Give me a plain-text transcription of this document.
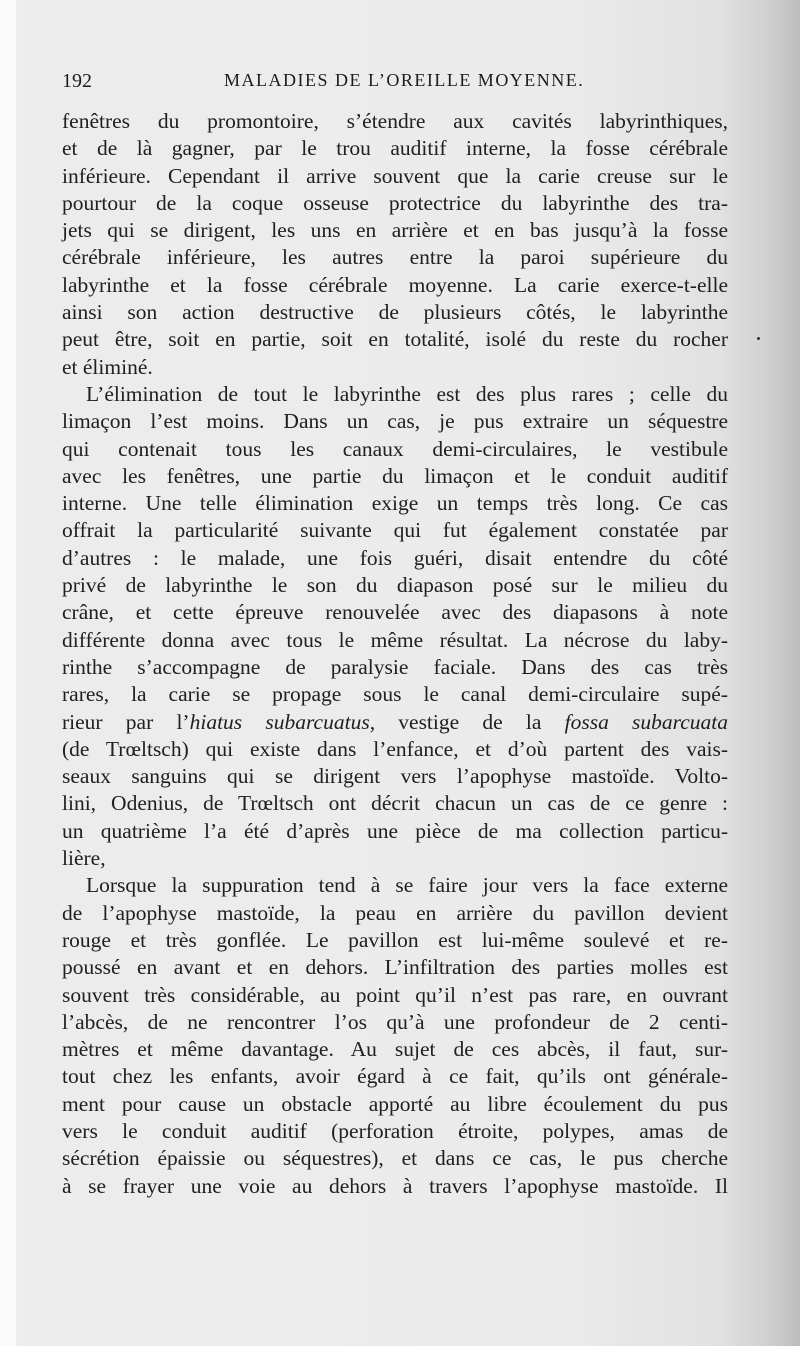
192	MALADIES DE L’OREILLE MOYENNE.
fenêtres du promontoire, s’étendre aux cavités labyrinthiques,
et de là gagner, par le trou auditif interne, la fosse cérébrale
inférieure. Cependant il arrive souvent que la carie creuse sur le
pourtour de la coque osseuse protectrice du labyrinthe des tra-
jets qui se dirigent, les uns en arrière et en bas jusqu’à la fosse
cérébrale inférieure, les autres entre la paroi supérieure du
labyrinthe et la fosse cérébrale moyenne. La carie exerce-t-elle
ainsi son action destructive de plusieurs côtés, le labyrinthe
peut être, soit en partie, soit en totalité, isolé du reste du rocher
et éliminé.
L’élimination de tout le labyrinthe est des plus rares ; celle du
limaçon l’est moins. Dans un cas, je pus extraire un séquestre
qui contenait tous les canaux demi-circulaires, le vestibule
avec les fenêtres, une partie du limaçon et le conduit auditif
interne. Une telle élimination exige un temps très long. Ce cas
offrait la particularité suivante qui fut également constatée par
d’autres : le malade, une fois guéri, disait entendre du côté
privé de labyrinthe le son du diapason posé sur le milieu du
crâne, et cette épreuve renouvelée avec des diapasons à note
différente donna avec tous le même résultat. La nécrose du laby-
rinthe s’accompagne de paralysie faciale. Dans des cas très
rares, la carie se propage sous le canal demi-circulaire supé-
rieur par l’hiatus subarcuatus, vestige de la fossa subarcuata
(de Trœltsch) qui existe dans l’enfance, et d’où partent des vais-
seaux sanguins qui se dirigent vers l’apophyse mastoïde. Volto-
lini, Odenius, de Trœltsch ont décrit chacun un cas de ce genre :
un quatrième l’a été d’après une pièce de ma collection particu-
lière,
Lorsque la suppuration tend à se faire jour vers la face externe
de l’apophyse mastoïde, la peau en arrière du pavillon devient
rouge et très gonflée. Le pavillon est lui-même soulevé et re-
poussé en avant et en dehors. L’infiltration des parties molles est
souvent très considérable, au point qu’il n’est pas rare, en ouvrant
l’abcès, de ne rencontrer l’os qu’à une profondeur de 2 centi-
mètres et même davantage. Au sujet de ces abcès, il faut, sur-
tout chez les enfants, avoir égard à ce fait, qu’ils ont générale-
ment pour cause un obstacle apporté au libre écoulement du pus
vers le conduit auditif (perforation étroite, polypes, amas de
sécrétion épaissie ou séquestres), et dans ce cas, le pus cherche
à se frayer une voie au dehors à travers l’apophyse mastoïde. Il
